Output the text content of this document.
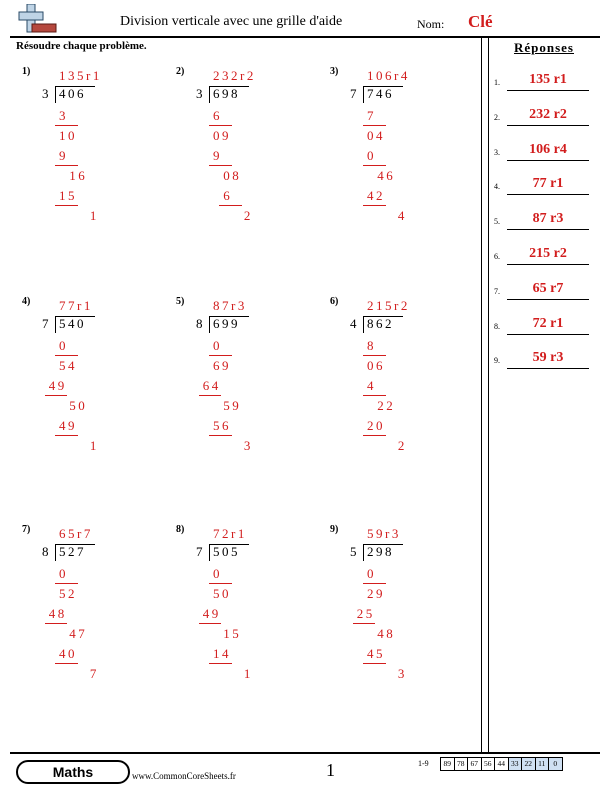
Division verticale avec une grille d'aide	Nom: Clé
Résoudre chaque problème.	Réponses
1.	135 r1
2.	232 r2
3.	106 r4
4.	77 r1
5.	87 r3
6.	215 r2
7.	65 r7
8.	72 r1
9.	59 r3
1) 135r1
3 406
3
10
9
16
15
1
2) 232r2
3 698
6
09
9
08
6
2
3) 106r4
7 746
7
04
0
46
42
4
4) 77r1
7 540
0
54
49
50
49
1
5) 87r3
8 699
0
69
64
59
56
3
6) 215r2
4 862
8
06
4
22
20
2
7) 65r7
8 527
0
52
48
47
40
7
8) 72r1
7 505
0
50
49
15
14
1
9) 59r3
5 298
0
29
25
48
45
3
Maths	www.CommonCoreSheets.fr	1	1-9	89 78 67 56 44 33 22 11	0
